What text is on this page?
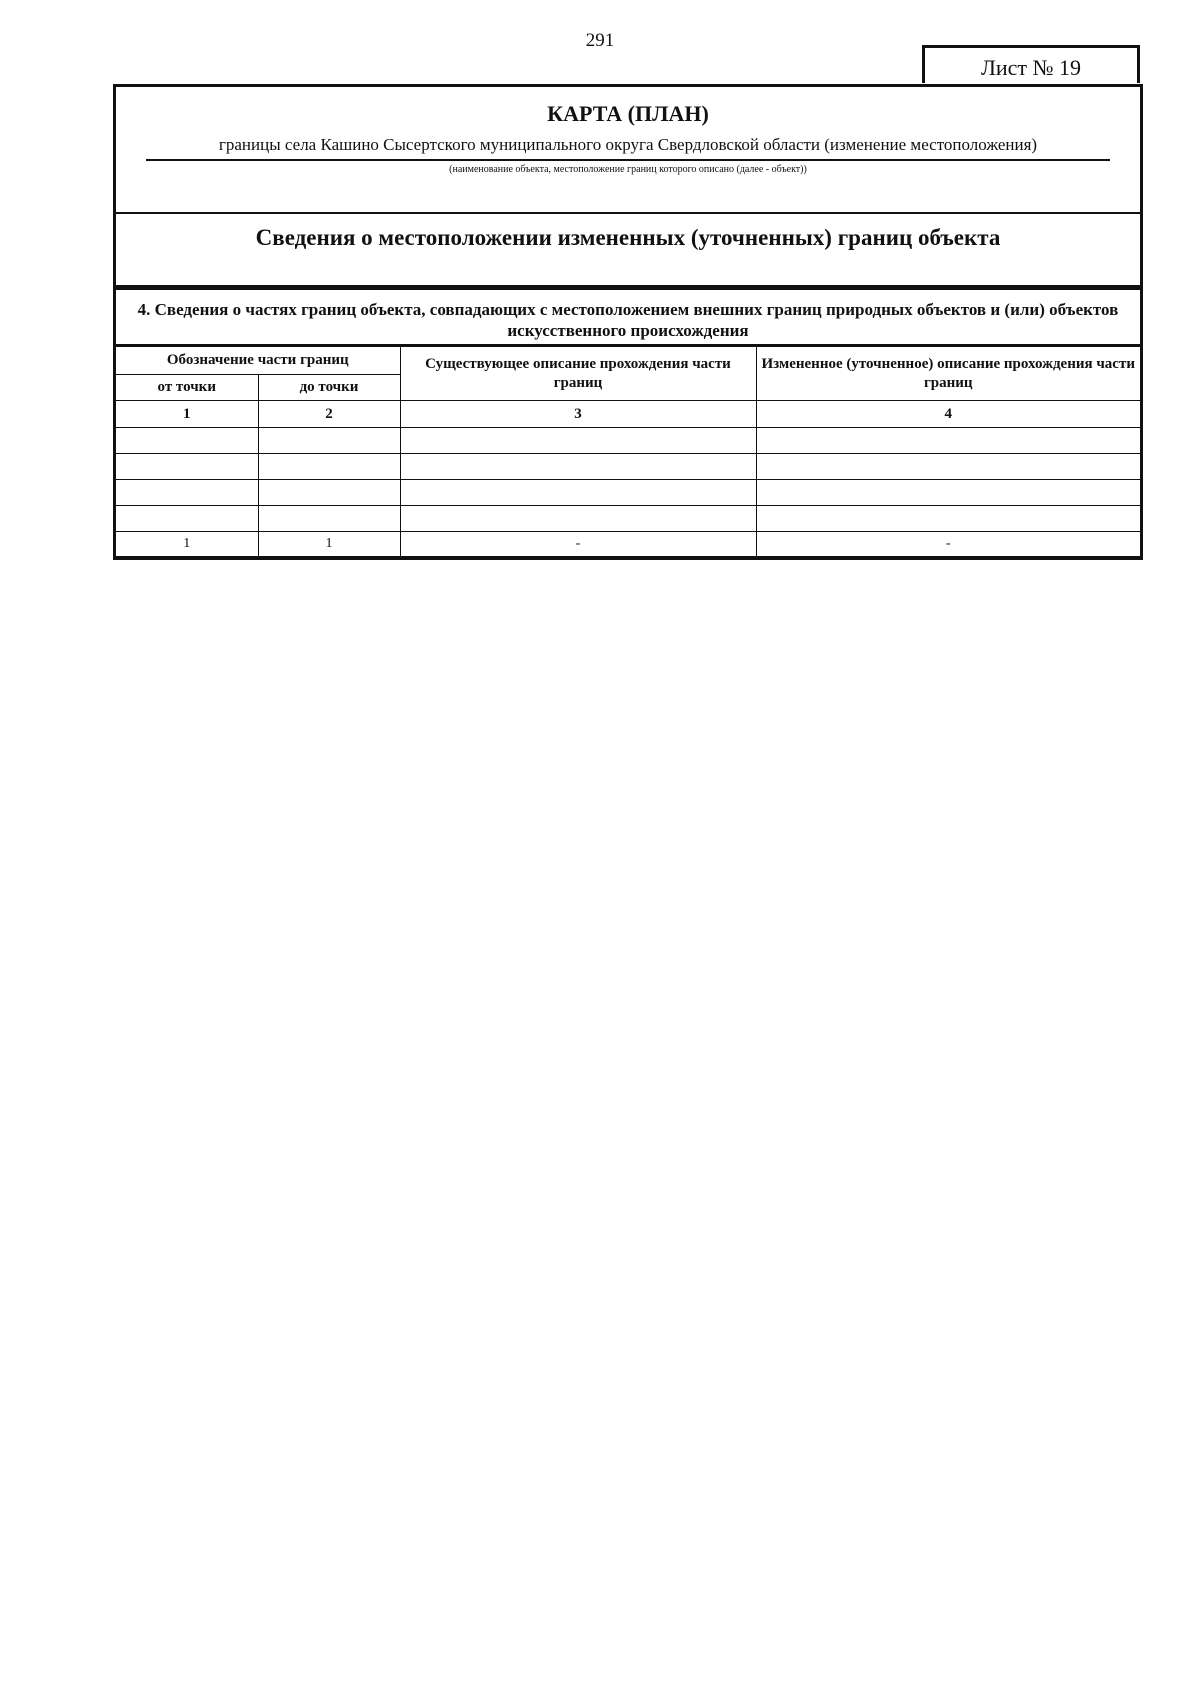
291
Лист № 19
КАРТА (ПЛАН)
границы села Кашино Сысертского муниципального округа Свердловской области (изменение местоположения)
(наименование объекта, местоположение границ которого описано (далее - объект))
Сведения о местоположении измененных (уточненных) границ объекта
4. Сведения о частях границ объекта, совпадающих с местоположением внешних границ природных объектов и (или) объектов искусственного происхождения
Обозначение части границ		Существующее описание прохождения части границ	Измененное (уточненное) описание прохождения части границ
от точки	до точки		
1	2	3	4

1	1	-	-
